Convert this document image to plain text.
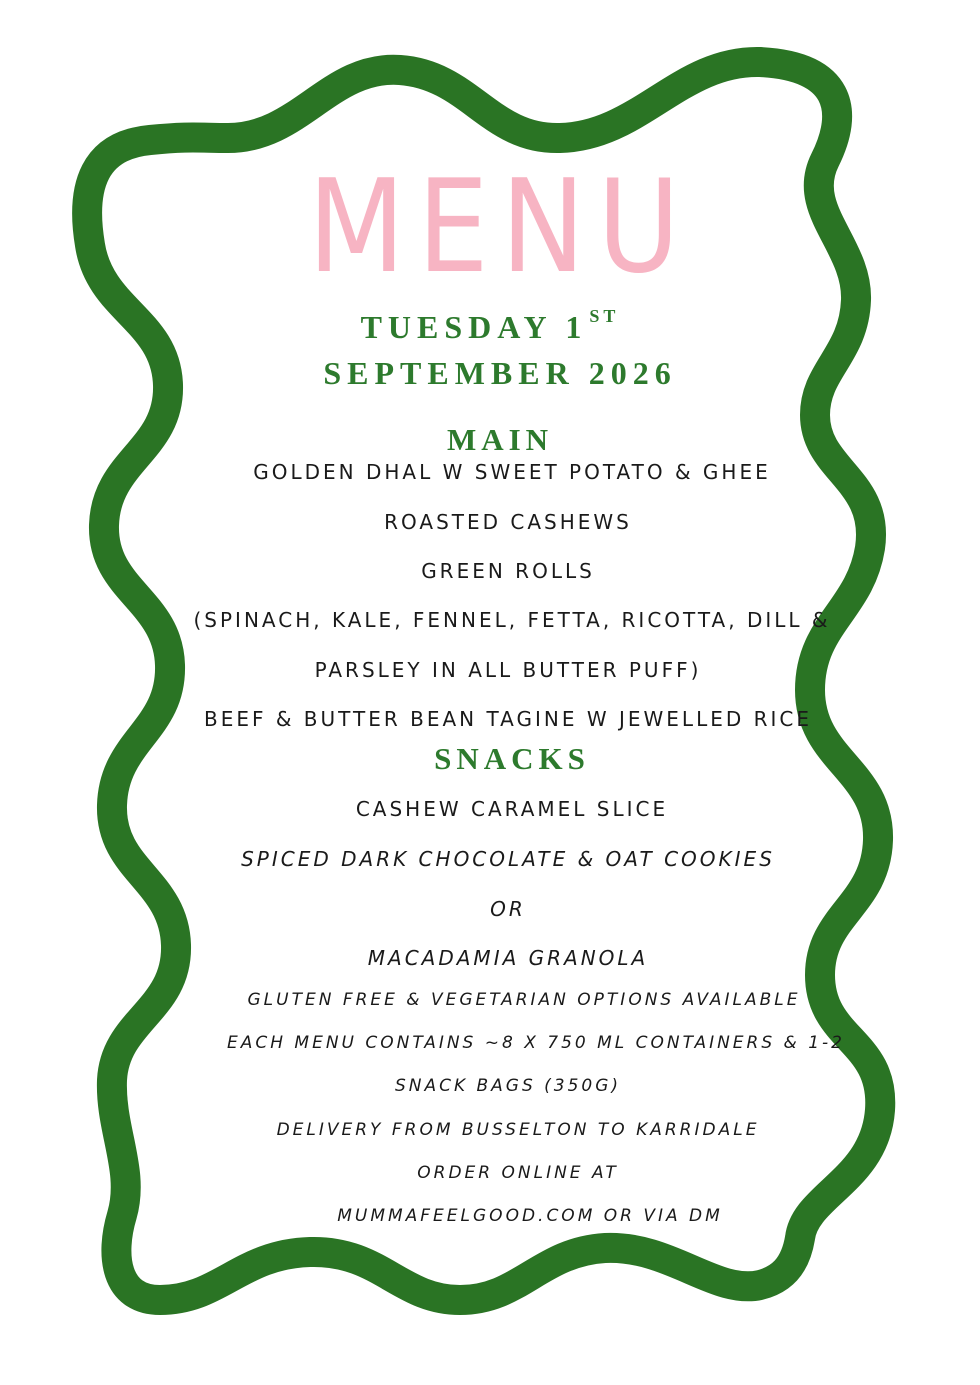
MENU
TUESDAY 1 $^{ST}$
SEPTEMBER 2026
MAIN
GOLDEN DHAL W SWEET POTATO & GHEE
ROASTED CASHEWS
GREEN ROLLS
(SPINACH, KALE, FENNEL, FETTA, RICOTTA, DILL &
PARSLEY IN ALL BUTTER PUFF)
BEEF & BUTTER BEAN TAGINE W JEWELLED RICE
SNACKS
CASHEW CARAMEL SLICE
SPICED DARK CHOCOLATE & OAT COOKIES
OR
MACADAMIA GRANOLA
GLUTEN FREE & VEGETARIAN OPTIONS AVAILABLE
EACH MENU CONTAINS ~8 X 750 ML CONTAINERS & 1-2
SNACK BAGS (350G)
DELIVERY FROM BUSSELTON TO KARRIDALE
ORDER ONLINE AT
MUMMAFEELGOOD.COM OR VIA DM
